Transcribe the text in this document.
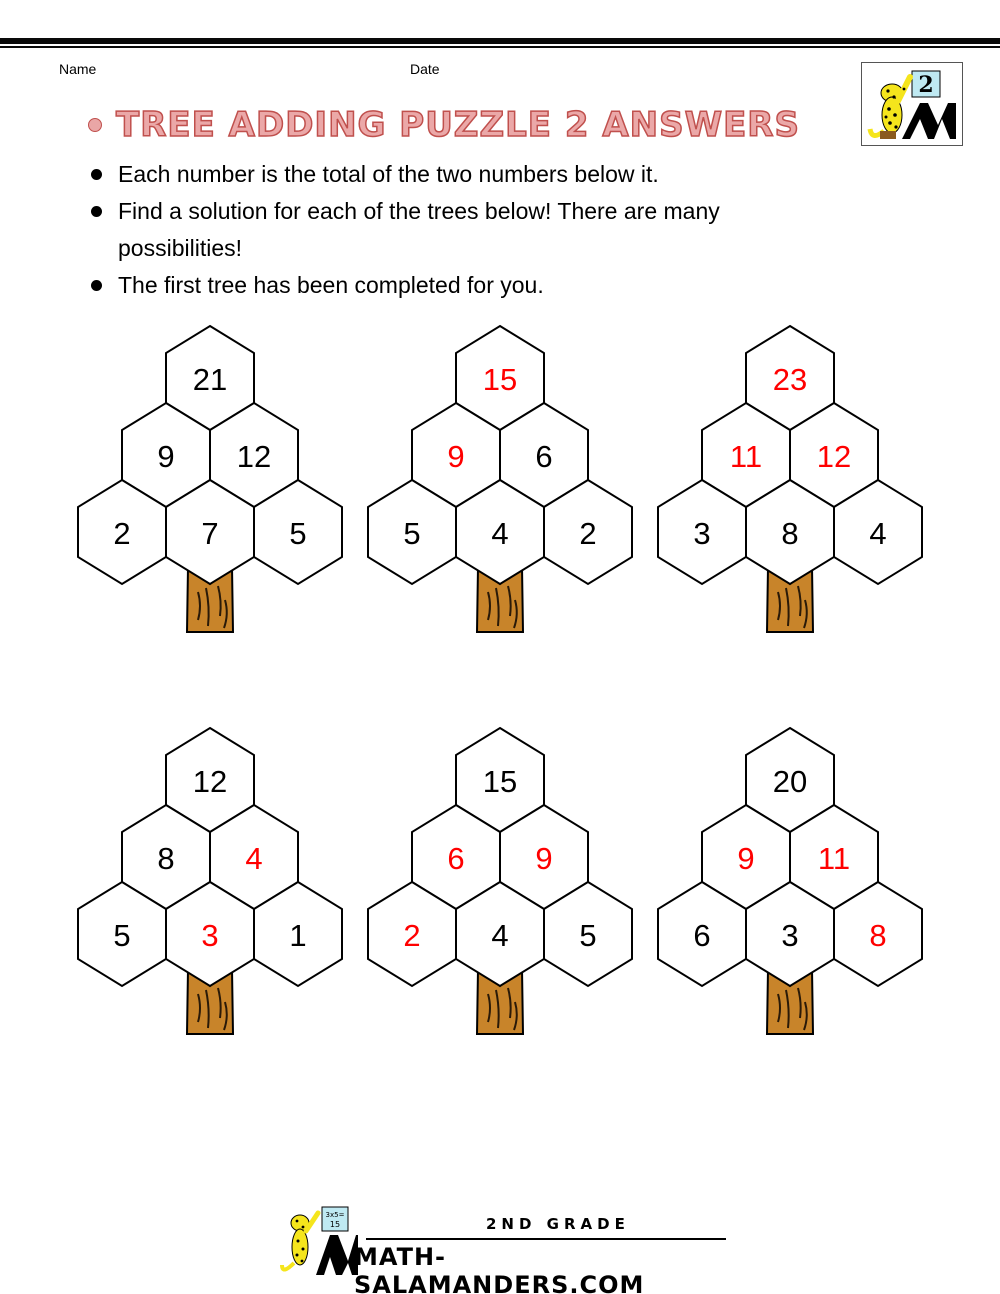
Name	Date
2
TREE ADDING PUZZLE 2 ANSWERS
Each number is the total of the two numbers below it.
Find a solution for each of the trees below! There are many possibilities!
The first tree has been completed for you.
21
9	12
2	7	5
15
9	6
5	4	2
23
11	12
3	8	4
12
8	4
5	3	1
15
6	9
2	4	5
20
9	11
6	3	8
3x5=
15	2ND GRADE
MATH-SALAMANDERS.COM
